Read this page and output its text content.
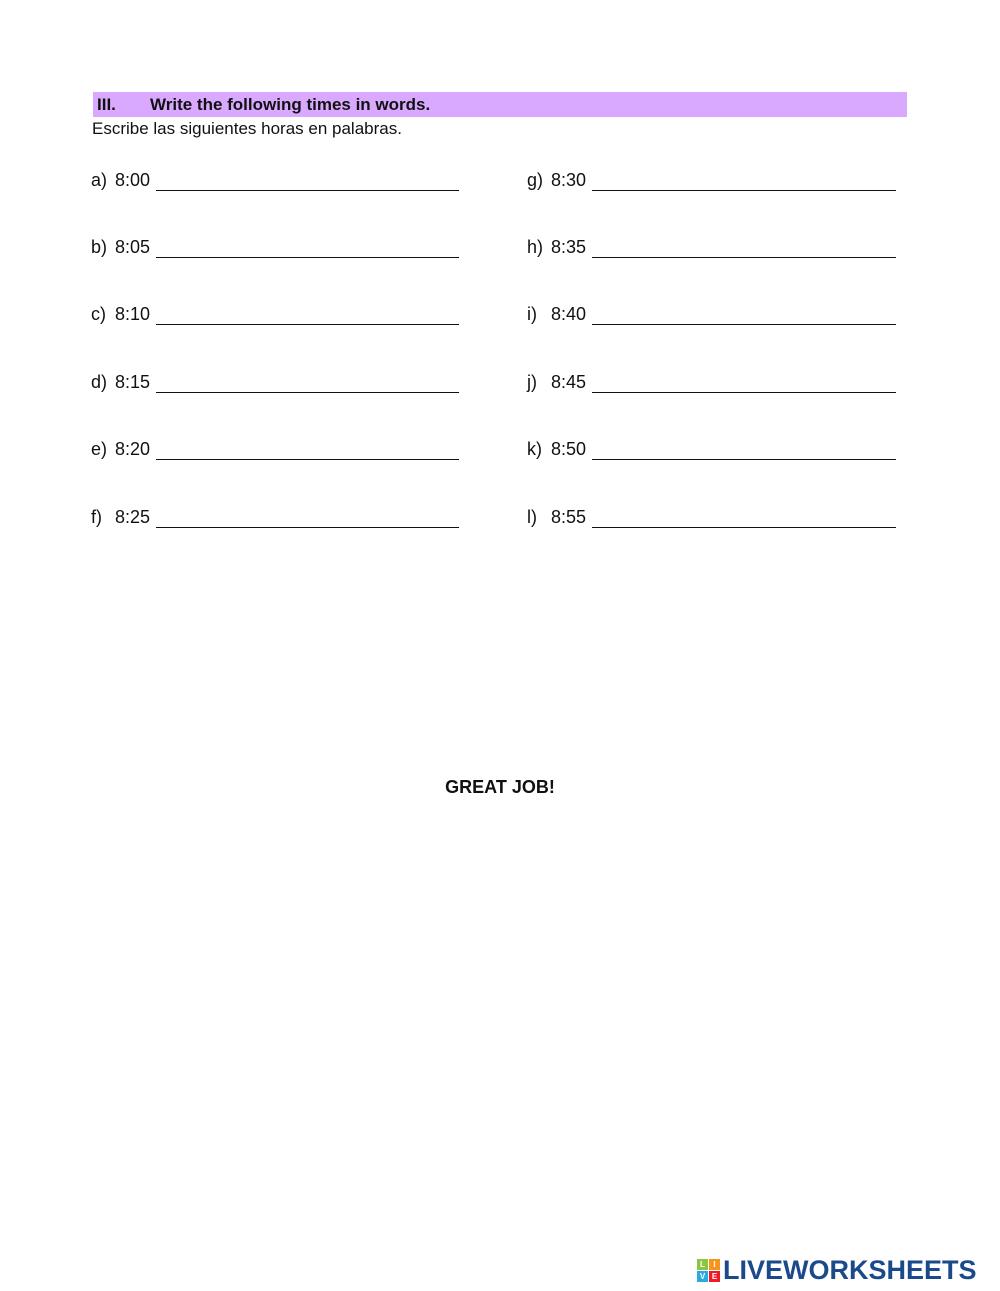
III.	Write the following times in words.
Escribe las siguientes horas en palabras.
a) 8:00
b) 8:05
c) 8:10
d) 8:15
e) 8:20
f) 8:25
g) 8:30
h) 8:35
i) 8:40
j) 8:45
k) 8:50
l) 8:55
GREAT JOB!
L	I
V E LIVEWORKSHEETS
